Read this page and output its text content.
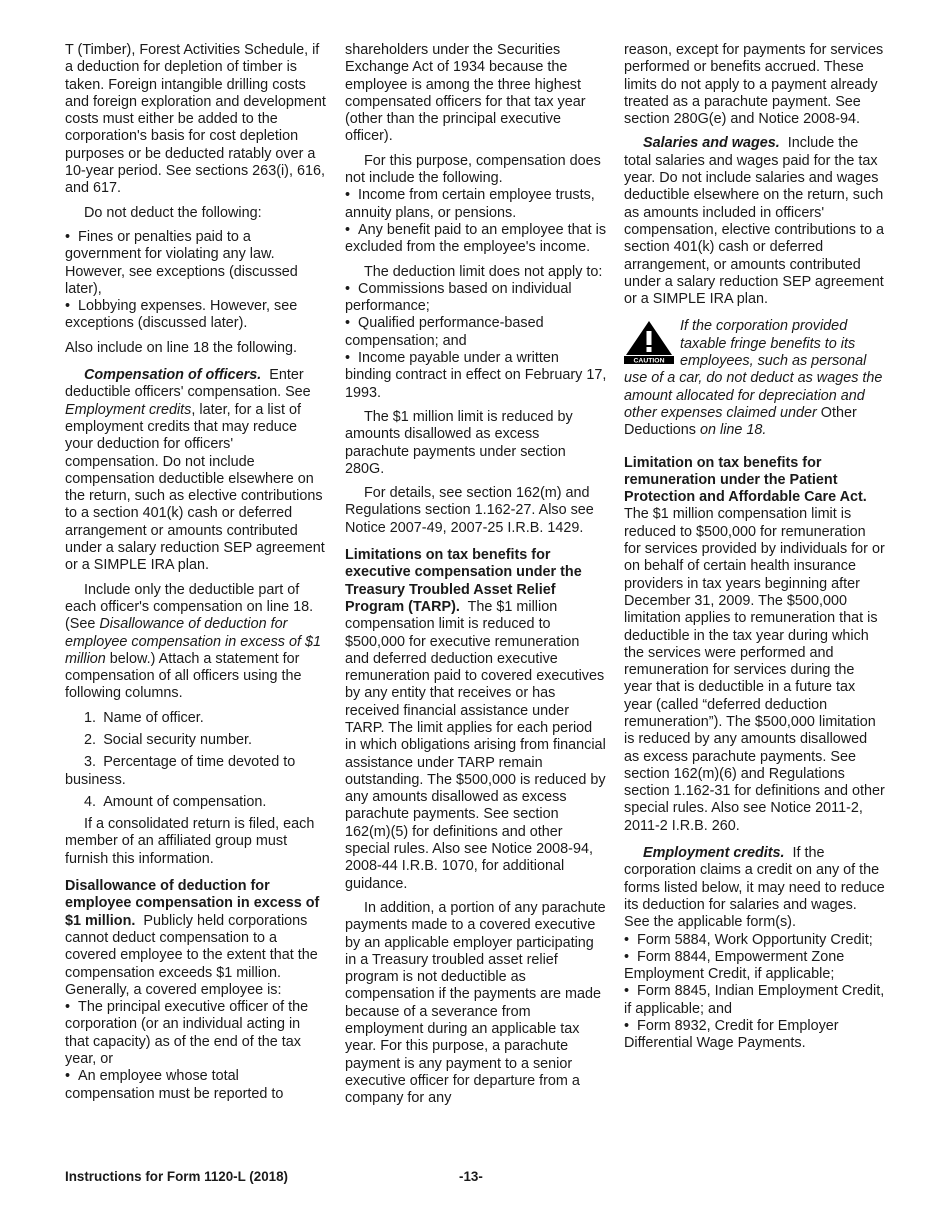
T (Timber), Forest Activities Schedule, if a deduction for depletion of timber is taken. Foreign intangible drilling costs and foreign exploration and development costs must either be added to the corporation's basis for cost depletion purposes or be deducted ratably over a 10-year period. See sections 263(i), 616, and 617.

Do not deduct the following:

• Fines or penalties paid to a government for violating any law. However, see exceptions (discussed later),

• Lobbying expenses. However, see exceptions (discussed later).

Also include on line 18 the following.

Compensation of officers. Enter deductible officers' compensation. See Employment credits, later, for a list of employment credits that may reduce your deduction for officers' compensation. Do not include compensation deductible elsewhere on the return, such as elective contributions to a section 401(k) cash or deferred arrangement or amounts contributed under a salary reduction SEP agreement or a SIMPLE IRA plan.

Include only the deductible part of each officer's compensation on line 18. (See Disallowance of deduction for employee compensation in excess of $1 million below.) Attach a statement for compensation of all officers using the following columns.

1. Name of officer.

2. Social security number.

3. Percentage of time devoted to business.

4. Amount of compensation.

If a consolidated return is filed, each member of an affiliated group must furnish this information.

Disallowance of deduction for employee compensation in excess of $1 million. Publicly held corporations cannot deduct compensation to a covered employee to the extent that the compensation exceeds $1 million. Generally, a covered employee is:

• The principal executive officer of the corporation (or an individual acting in that capacity) as of the end of the tax year, or

• An employee whose total compensation must be reported to

shareholders under the Securities Exchange Act of 1934 because the employee is among the three highest compensated officers for that tax year (other than the principal executive officer).

For this purpose, compensation does not include the following.

• Income from certain employee trusts, annuity plans, or pensions.

• Any benefit paid to an employee that is excluded from the employee's income.

The deduction limit does not apply to:

• Commissions based on individual performance;

• Qualified performance-based compensation; and

• Income payable under a written binding contract in effect on February 17, 1993.

The $1 million limit is reduced by amounts disallowed as excess parachute payments under section 280G.

For details, see section 162(m) and Regulations section 1.162-27. Also see Notice 2007-49, 2007-25 I.R.B. 1429.

Limitations on tax benefits for executive compensation under the Treasury Troubled Asset Relief Program (TARP). The $1 million compensation limit is reduced to $500,000 for executive remuneration and deferred deduction executive remuneration paid to covered executives by any entity that receives or has received financial assistance under TARP. The limit applies for each period in which obligations arising from financial assistance under TARP remain outstanding. The $500,000 is reduced by any amounts disallowed as excess parachute payments. See section 162(m)(5) for definitions and other special rules. Also see Notice 2008-94, 2008-44 I.R.B. 1070, for additional guidance.

In addition, a portion of any parachute payments made to a covered executive by an applicable employer participating in a Treasury troubled asset relief program is not deductible as compensation if the payments are made because of a severance from employment during an applicable tax year. For this purpose, a parachute payment is any payment to a senior executive officer for departure from a company for any

reason, except for payments for services performed or benefits accrued. These limits do not apply to a payment already treated as a parachute payment. See section 280G(e) and Notice 2008-94.

Salaries and wages. Include the total salaries and wages paid for the tax year. Do not include salaries and wages deductible elsewhere on the return, such as amounts included in officers' compensation, elective contributions to a section 401(k) cash or deferred arrangement, or amounts contributed under a salary reduction SEP agreement or a SIMPLE IRA plan.

CAUTION

If the corporation provided taxable fringe benefits to its employees, such as personal use of a car, do not deduct as wages the amount allocated for depreciation and other expenses claimed under Other Deductions on line 18.

Limitation on tax benefits for remuneration under the Patient Protection and Affordable Care Act. The $1 million compensation limit is reduced to $500,000 for remuneration for services provided by individuals for or on behalf of certain health insurance providers in tax years beginning after December 31, 2009. The $500,000 limitation applies to remuneration that is deductible in the tax year during which the services were performed and remuneration for services during the year that is deductible in a future tax year (called “deferred deduction remuneration”). The $500,000 limitation is reduced by any amounts disallowed as excess parachute payments. See section 162(m)(6) and Regulations section 1.162-31 for definitions and other special rules. Also see Notice 2011-2, 2011-2 I.R.B. 260.

Employment credits. If the corporation claims a credit on any of the forms listed below, it may need to reduce its deduction for salaries and wages. See the applicable form(s).

• Form 5884, Work Opportunity Credit;

• Form 8844, Empowerment Zone Employment Credit, if applicable;

• Form 8845, Indian Employment Credit, if applicable; and

• Form 8932, Credit for Employer Differential Wage Payments.

Instructions for Form 1120-L (2018)	-13-
